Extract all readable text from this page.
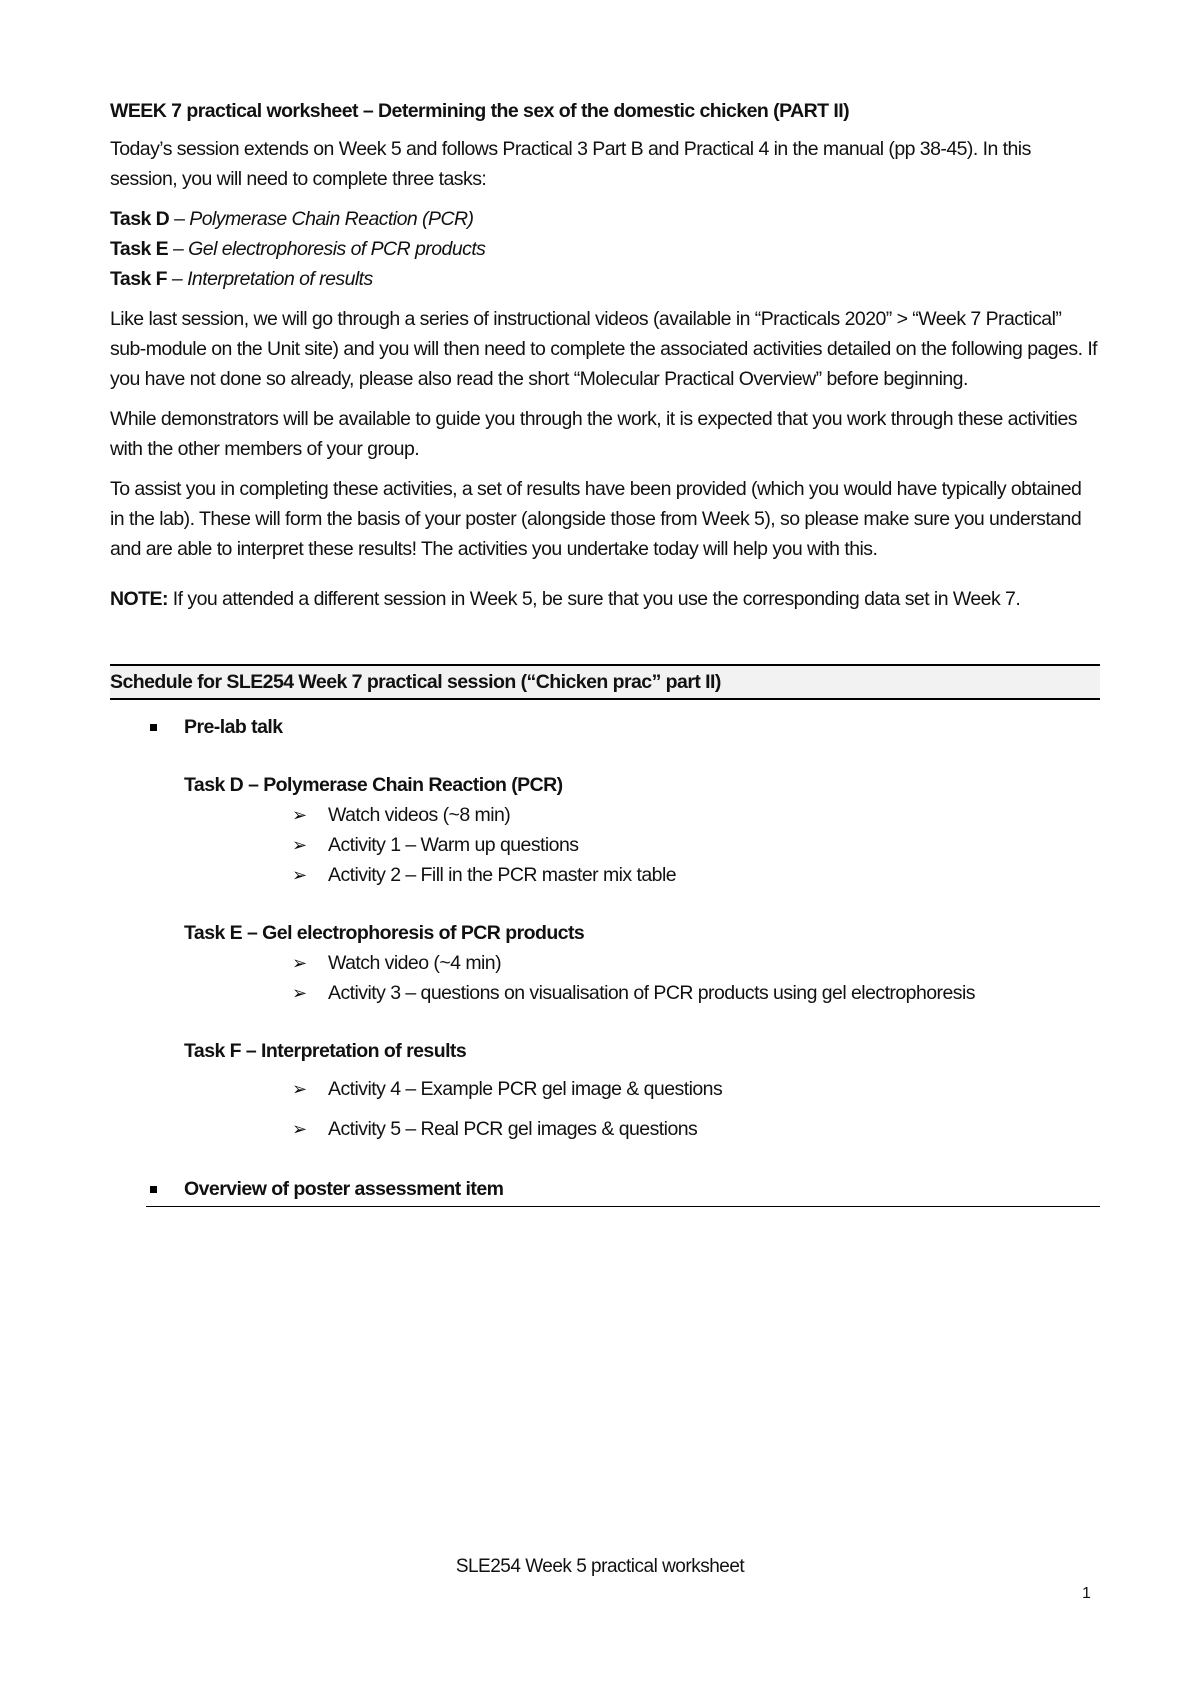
WEEK 7 practical worksheet – Determining the sex of the domestic chicken (PART II)

Today’s session extends on Week 5 and follows Practical 3 Part B and Practical 4 in the manual (pp 38-45). In this session, you will need to complete three tasks:

Task D – Polymerase Chain Reaction (PCR)
Task E – Gel electrophoresis of PCR products
Task F – Interpretation of results

Like last session, we will go through a series of instructional videos (available in “Practicals 2020” > “Week 7 Practical” sub-module on the Unit site) and you will then need to complete the associated activities detailed on the following pages. If you have not done so already, please also read the short “Molecular Practical Overview” before beginning.

While demonstrators will be available to guide you through the work, it is expected that you work through these activities with the other members of your group.

To assist you in completing these activities, a set of results have been provided (which you would have typically obtained in the lab). These will form the basis of your poster (alongside those from Week 5), so please make sure you understand and are able to interpret these results! The activities you undertake today will help you with this.

NOTE: If you attended a different session in Week 5, be sure that you use the corresponding data set in Week 7.

Schedule for SLE254 Week 7 practical session (“Chicken prac” part II)
Pre-lab talk
Task D – Polymerase Chain Reaction (PCR)
➢ Watch videos (~8 min)
➢ Activity 1 – Warm up questions
➢ Activity 2 – Fill in the PCR master mix table
Task E – Gel electrophoresis of PCR products
➢ Watch video (~4 min)
➢ Activity 3 – questions on visualisation of PCR products using gel electrophoresis
Task F – Interpretation of results
➢ Activity 4 – Example PCR gel image & questions
➢ Activity 5 – Real PCR gel images & questions
Overview of poster assessment item
SLE254 Week 5 practical worksheet
1
